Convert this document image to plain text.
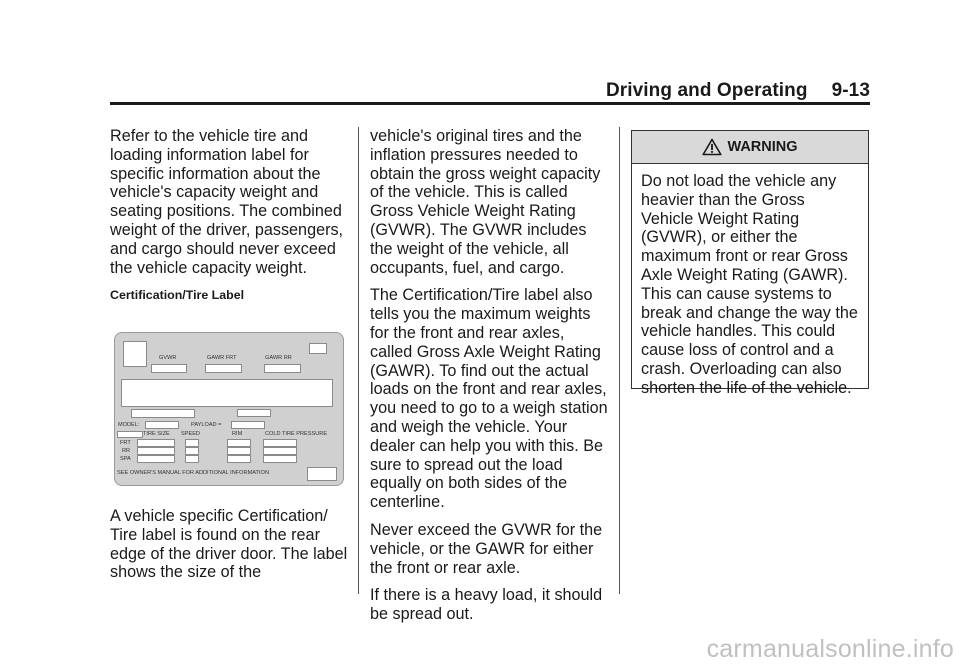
Driving and Operating 9-13

Refer to the vehicle tire and loading information label for specific information about the vehicle's capacity weight and seating positions. The combined weight of the driver, passengers, and cargo should never exceed the vehicle capacity weight.

Certification/Tire Label

A vehicle specific Certification/ Tire label is found on the rear edge of the driver door. The label shows the size of the

GVWR	GAWR FRT	GAWR RR
MODEL:	PAYLOAD =
TIRE SIZE SPEED	RIM	COLD TIRE PRESSURE
FRT
RR
SPA
SEE OWNER'S MANUAL FOR ADDITIONAL INFORMATION

vehicle's original tires and the inflation pressures needed to obtain the gross weight capacity of the vehicle. This is called Gross Vehicle Weight Rating (GVWR). The GVWR includes the weight of the vehicle, all occupants, fuel, and cargo.

The Certification/Tire label also tells you the maximum weights for the front and rear axles, called Gross Axle Weight Rating (GAWR). To find out the actual loads on the front and rear axles, you need to go to a weigh station and weigh the vehicle. Your dealer can help you with this. Be sure to spread out the load equally on both sides of the centerline.

Never exceed the GVWR for the vehicle, or the GAWR for either the front or rear axle.

If there is a heavy load, it should be spread out.

WARNING
Do not load the vehicle any heavier than the Gross Vehicle Weight Rating (GVWR), or either the maximum front or rear Gross Axle Weight Rating (GAWR). This can cause systems to break and change the way the vehicle handles. This could cause loss of control and a crash. Overloading can also shorten the life of the vehicle.
carmanualsonline.info
